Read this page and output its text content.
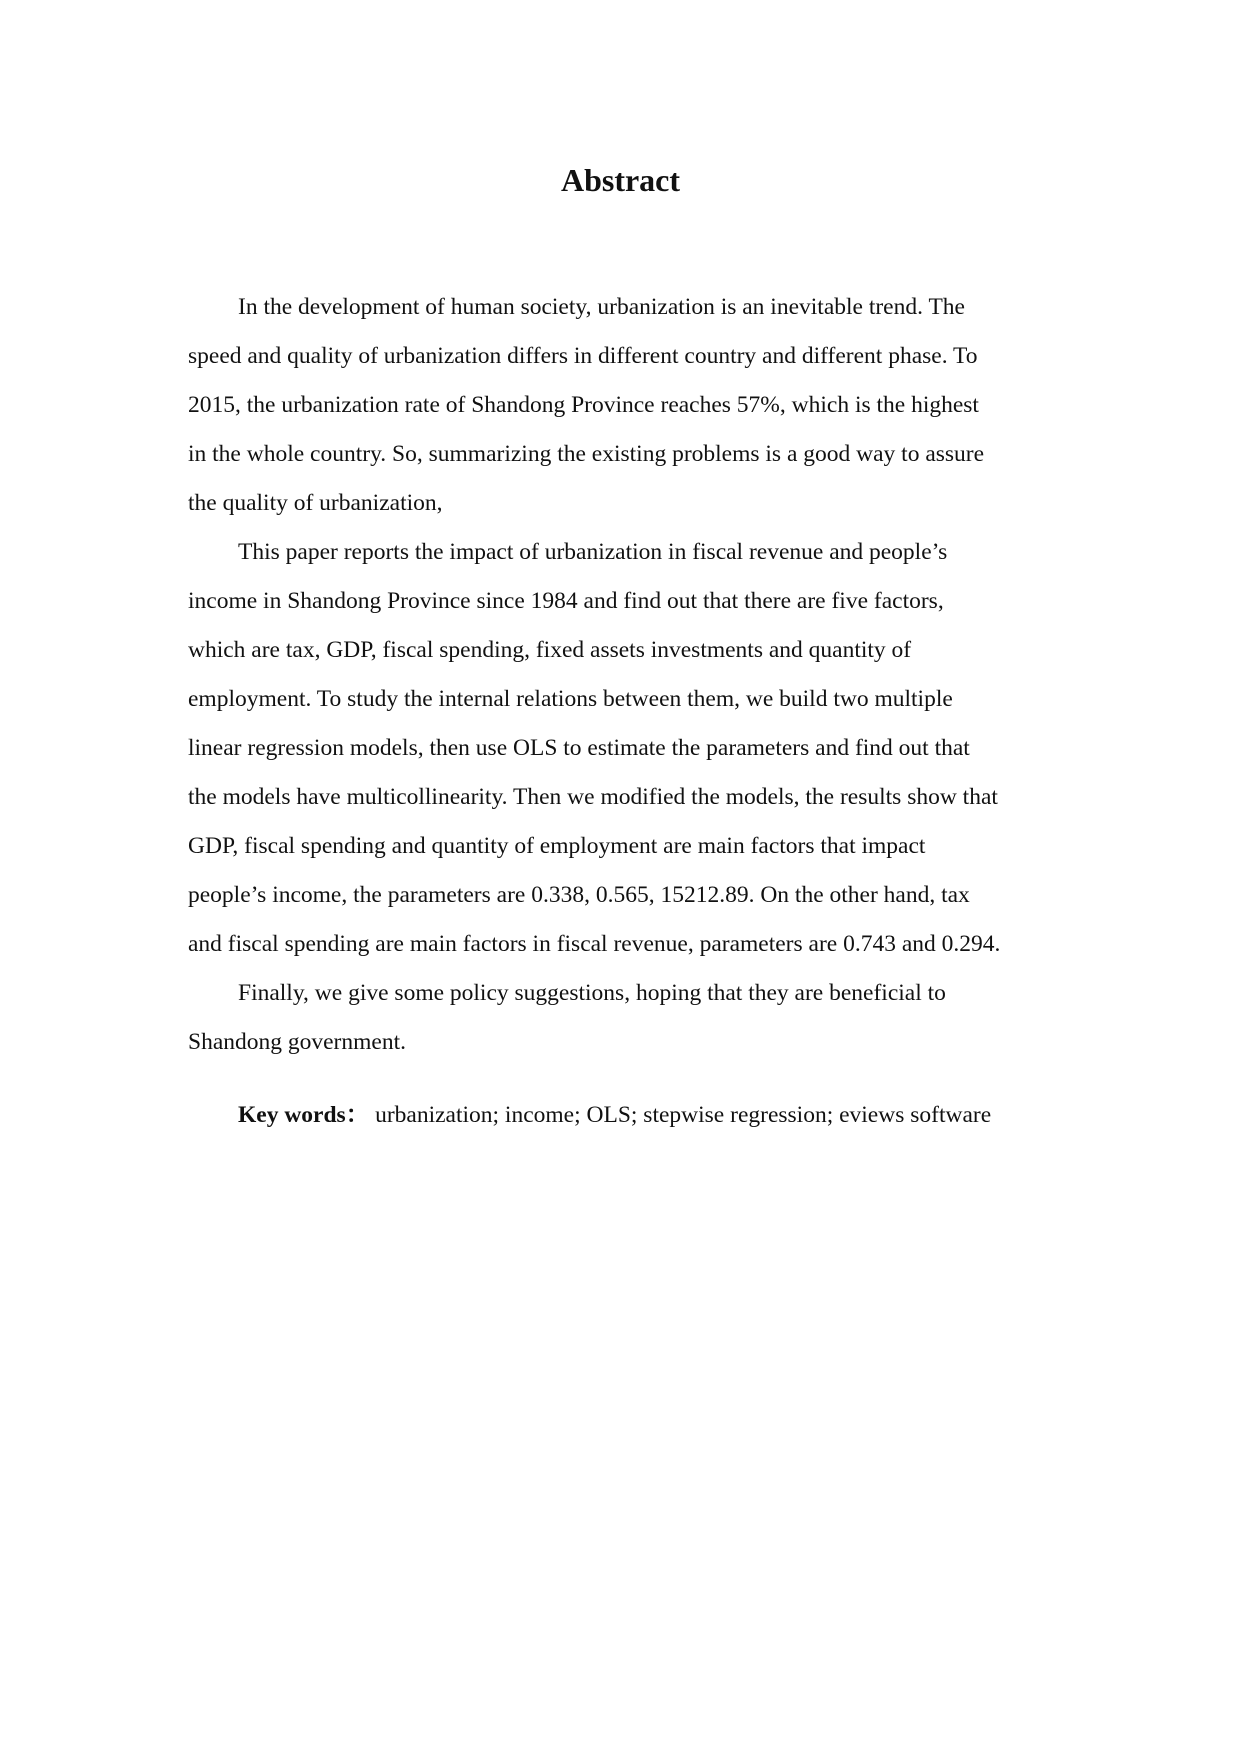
Abstract
In the development of human society, urbanization is an inevitable trend. The
speed and quality of urbanization differs in different country and different phase. To
2015, the urbanization rate of Shandong Province reaches 57%, which is the highest
in the whole country. So, summarizing the existing problems is a good way to assure
the quality of urbanization,
This paper reports the impact of urbanization in fiscal revenue and people’s
income in Shandong Province since 1984 and find out that there are five factors,
which are tax, GDP, fiscal spending, fixed assets investments and quantity of
employment. To study the internal relations between them, we build two multiple
linear regression models, then use OLS to estimate the parameters and find out that
the models have multicollinearity. Then we modified the models, the results show that
GDP, fiscal spending and quantity of employment are main factors that impact
people’s income, the parameters are 0.338, 0.565, 15212.89. On the other hand, tax
and fiscal spending are main factors in fiscal revenue, parameters are 0.743 and 0.294.
Finally, we give some policy suggestions, hoping that they are beneficial to
Shandong government.
Key words： urbanization; income; OLS; stepwise regression; eviews software
